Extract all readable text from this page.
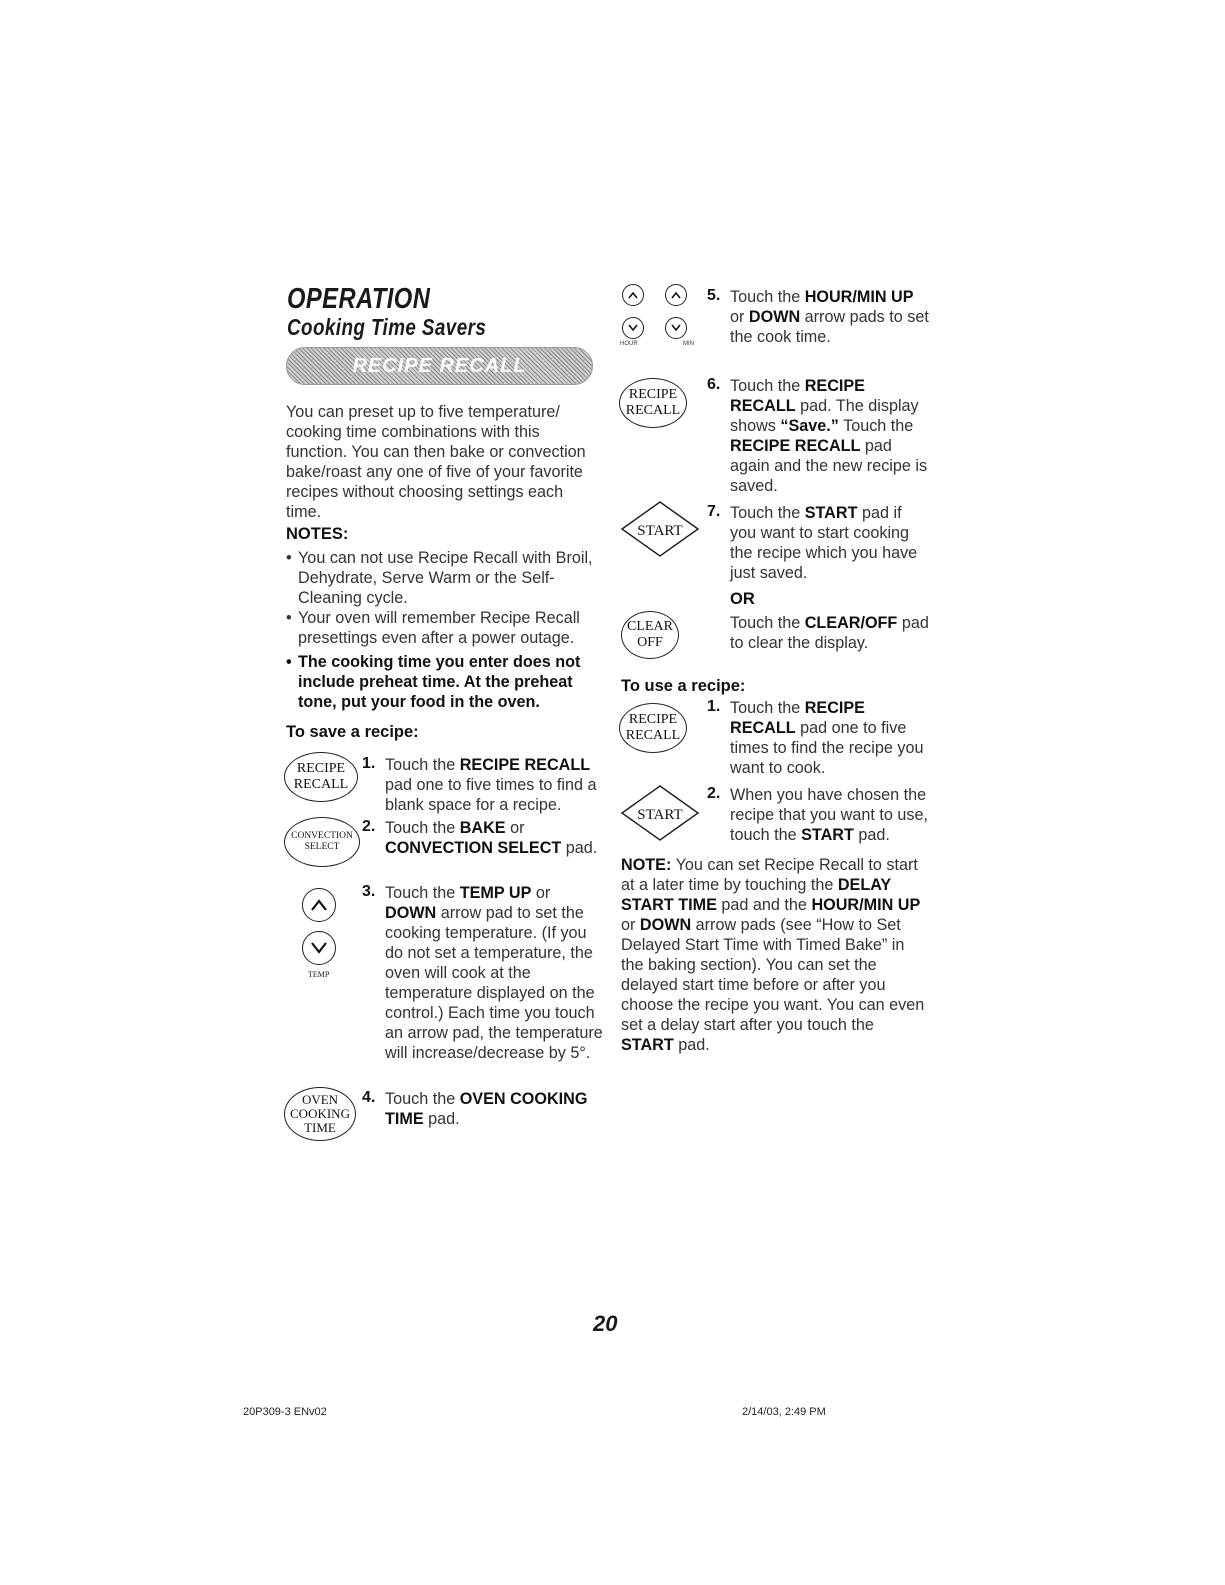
OPERATION
Cooking Time Savers
RECIPE RECALL
You can preset up to five temperature/ cooking time combinations with this function. You can then bake or convection bake/roast any one of five of your favorite recipes without choosing settings each time.
NOTES:
• You can not use Recipe Recall with Broil, Dehydrate, Serve Warm or the Self-Cleaning cycle.
• Your oven will remember Recipe Recall presettings even after a power outage.
• The cooking time you enter does not include preheat time. At the preheat tone, put your food in the oven.
To save a recipe:
RECIPE
RECALL
1. Touch the RECIPE RECALL pad one to five times to find a blank space for a recipe.
CONVECTION
SELECT
2. Touch the BAKE or CONVECTION SELECT pad.
TEMP
3. Touch the TEMP UP or DOWN arrow pad to set the cooking temperature. (If you do not set a temperature, the oven will cook at the temperature displayed on the control.) Each time you touch an arrow pad, the temperature will increase/decrease by 5°.
OVEN
COOKING
TIME
4. Touch the OVEN COOKING TIME pad.
HOUR	MIN
5. Touch the HOUR/MIN UP or DOWN arrow pads to set the cook time.
RECIPE
RECALL
6. Touch the RECIPE RECALL pad. The display shows “Save.” Touch the RECIPE RECALL pad again and the new recipe is saved.
START
7. Touch the START pad if you want to start cooking the recipe which you have just saved.
OR
CLEAR
OFF
Touch the CLEAR/OFF pad to clear the display.
To use a recipe:
RECIPE
RECALL
1. Touch the RECIPE RECALL pad one to five times to find the recipe you want to cook.
START
2. When you have chosen the recipe that you want to use, touch the START pad.
NOTE: You can set Recipe Recall to start at a later time by touching the DELAY START TIME pad and the HOUR/MIN UP or DOWN arrow pads (see “How to Set Delayed Start Time with Timed Bake” in the baking section). You can set the delayed start time before or after you choose the recipe you want. You can even set a delay start after you touch the START pad.
20
20P309-3 ENv02	2/14/03, 2:49 PM
